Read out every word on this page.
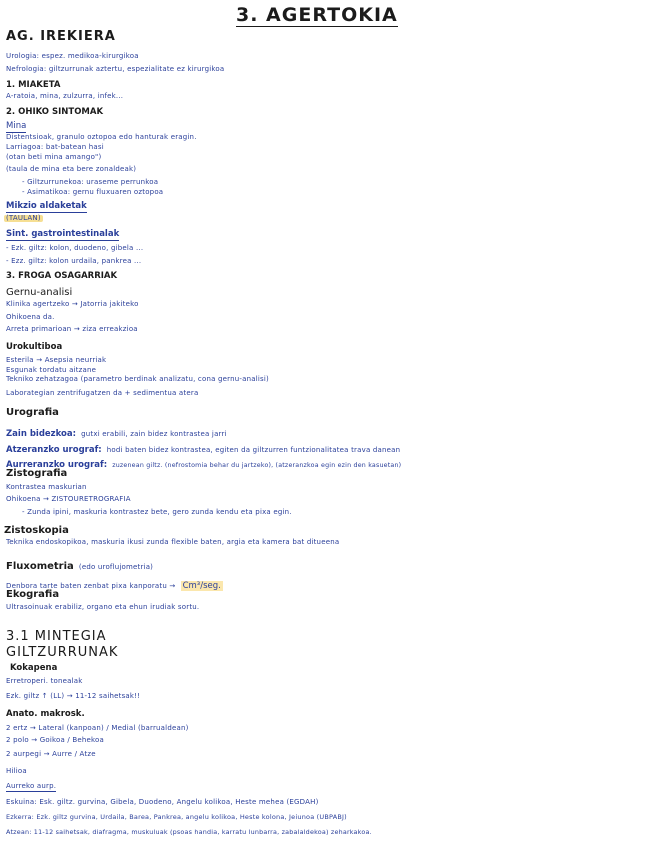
3. AGERTOKIA
AG. IREKIERA
Urologia: espez. medikoa-kirurgikoa
Nefrologia: giltzurrunak aztertu, espezialitate ez kirurgikoa
1. MIAKETA
A-ratoia, mina, zulzurra, infek...
2. OHIKO SINTOMAK
Mina
Distentsioak, granulo oztopoa edo hanturak eragin.
Larriagoa: bat-batean hasi
(otan beti mina amango")
(taula de mina eta bere zonaldeak)
- Giltzurrunekoa: uraseme perrunkoa
- Asimatikoa: gernu fluxuaren oztopoa
Mikzio aldaketak
(TAULAN)
Sint. gastrointestinalak
- Ezk. giltz: kolon, duodeno, gibela ...
- Ezz. giltz: kolon urdaila, pankrea ...
3. FROGA OSAGARRIAK
Gernu-analisi
Klinika agertzeko → Jatorria jakiteko
Ohikoena da.
Arreta primarioan → ziza erreakzioa
Urokultiboa
Esterila → Asepsia neurriak
Esgunak tordatu aitzane
Tekniko zehatzagoa (parametro berdinak analizatu, cona gernu-analisi)
Laborategian zentrifugatzen da + sedimentua atera
Urografia
Zain bidezkoa: gutxi erabili, zain bidez kontrastea jarri
Atzeranzko urograf: hodi baten bidez kontrastea, egiten da giltzurren funtzionalitatea trava danean
Aurreranzko urograf: zuzenean giltz. (nefrostomia behar du jartzeko), (atzeranzkoa egin ezin den kasuetan)
Zistografia
Kontrastea maskurian
Ohikoena → ZISTOURETROGRAFIA
- Zunda ipini, maskuria kontrastez bete, gero zunda kendu eta pixa egin.
Zistoskopia
Teknika endoskopikoa, maskuria ikusi zunda flexible baten, argia eta kamera bat ditueena
Fluxometria (edo uroflujometria)
Denbora tarte baten zenbat pixa kanporatu → Cm³/seg.
Ekografia
Ultrasoinuak erabiliz, organo eta ehun irudiak sortu.
3.1 MINTEGIA
GILTZURRUNAK
Kokapena
Erretroperi. tonealak
Ezk. giltz ↑ (LL) → 11-12 saihetsak!!
Anato. makrosk.
2 ertz → Lateral (kanpoan) / Medial (barrualdean)
2 polo → Goikoa / Behekoa
2 aurpegi → Aurre / Atze
Hilioa
Aurreko aurp.
Eskuina: Esk. giltz. gurvina, Gibela, Duodeno, Angelu kolikoa, Heste mehea (EGDAH)
Ezkerra: Ezk. giltz gurvina, Urdaila, Barea, Pankrea, angelu kolikoa, Heste kolona, Jeiunoa (UBPABJ)
Atzean: 11-12 saihetsak, diafragma, muskuluak (psoas handia, karratu lunbarra, zabalaldekoa) zeharkakoa.
